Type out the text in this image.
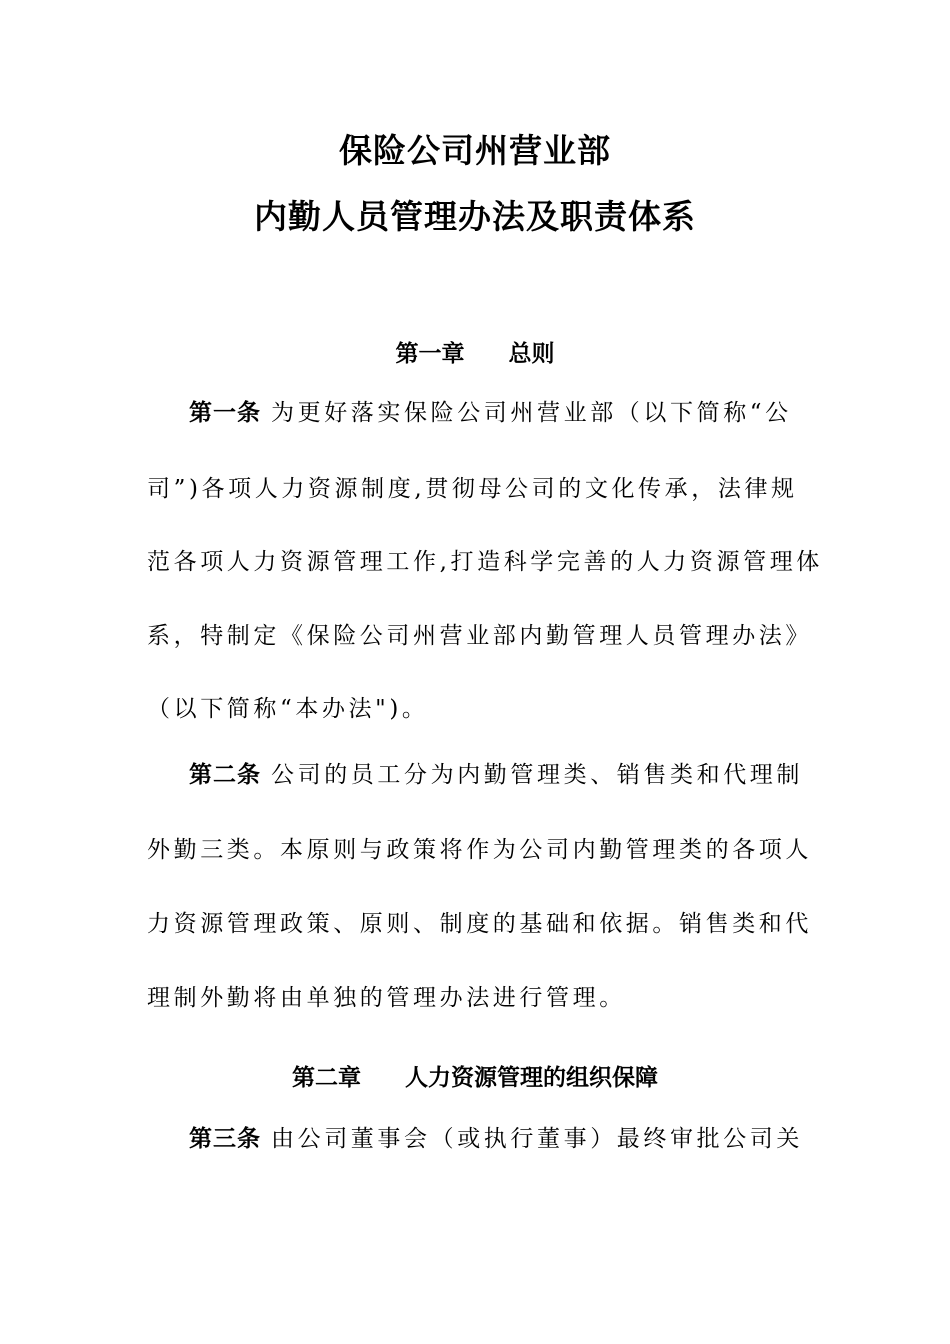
保险公司州营业部
内勤人员管理办法及职责体系
第一章 总则
第一条 为更好落实保险公司州营业部（以下简称“公
司”)各项人力资源制度,贯彻母公司的文化传承，法律规
范各项人力资源管理工作,打造科学完善的人力资源管理体
系，特制定《保险公司州营业部内勤管理人员管理办法》
（以下简称“本办法")。
第二条 公司的员工分为内勤管理类、销售类和代理制
外勤三类。本原则与政策将作为公司内勤管理类的各项人
力资源管理政策、原则、制度的基础和依据。销售类和代
理制外勤将由单独的管理办法进行管理。
第二章 人力资源管理的组织保障
第三条 由公司董事会（或执行董事）最终审批公司关
